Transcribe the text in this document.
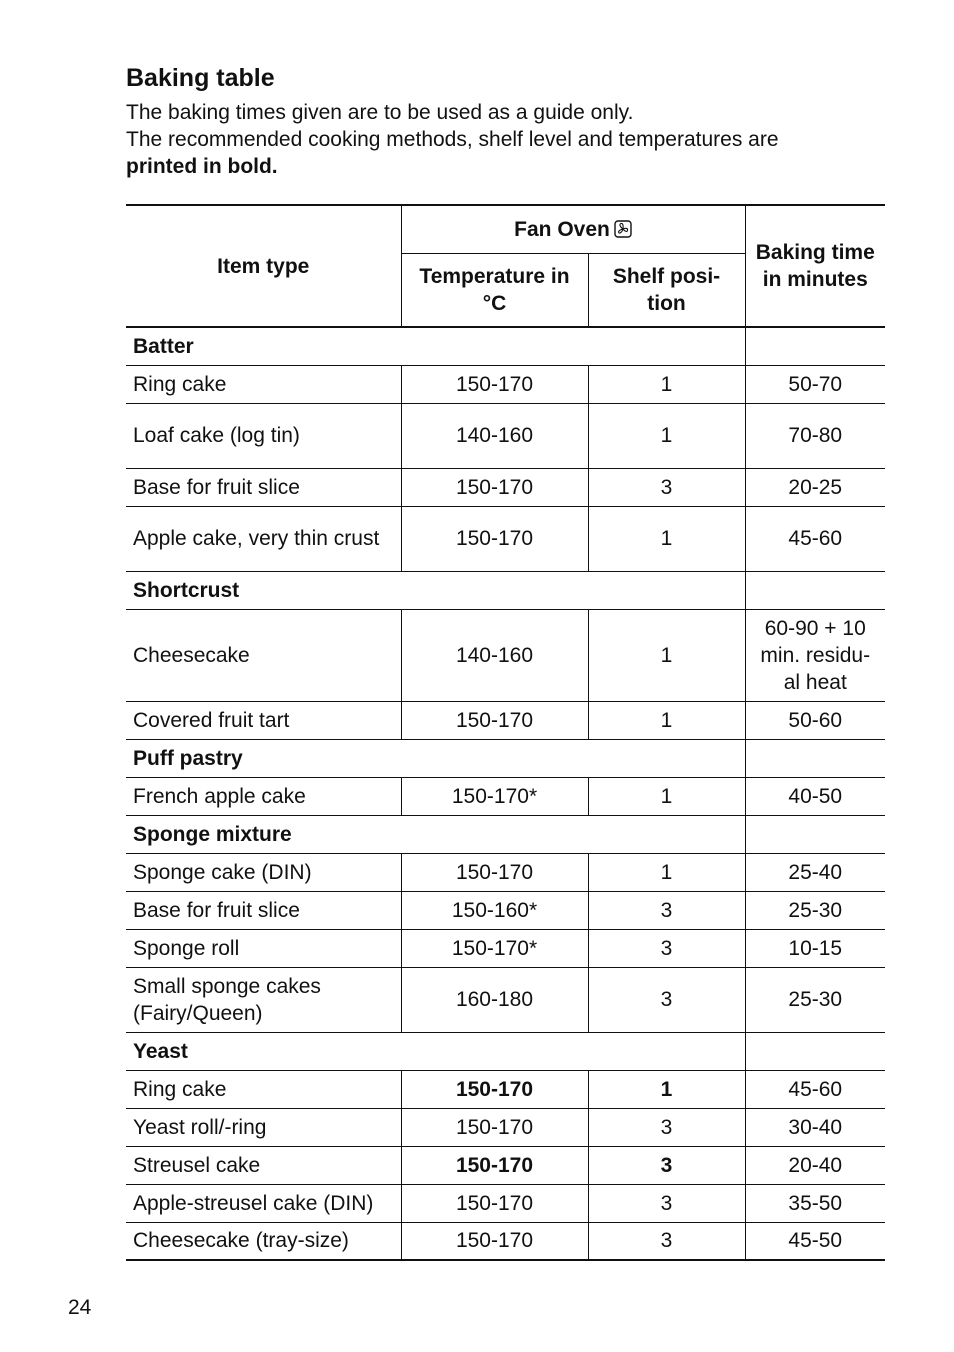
Baking table
The baking times given are to be used as a guide only.
The recommended cooking methods, shelf level and temperatures are
printed in bold.
Item type	Fan Oven		Baking time in minutes
	Temperature in °C	Shelf posi- tion	
Batter			
Ring cake	150-170	1	50-70
Loaf cake (log tin)	140-160	1	70-80
Base for fruit slice	150-170	3	20-25
Apple cake, very thin crust	150-170	1	45-60
Shortcrust			
Cheesecake	140-160	1	60-90 + 10 min. residu- al heat
Covered fruit tart	150-170	1	50-60
Puff pastry			
French apple cake	150-170*	1	40-50
Sponge mixture			
Sponge cake (DIN)	150-170	1	25-40
Base for fruit slice	150-160*	3	25-30
Sponge roll	150-170*	3	10-15
Small sponge cakes (Fairy/Queen)	160-180	3	25-30
Yeast			
Ring cake	150-170	1	45-60
Yeast roll/-ring	150-170	3	30-40
Streusel cake	150-170	3	20-40
Apple-streusel cake (DIN)	150-170	3	35-50
Cheesecake (tray-size)	150-170	3	45-50
24
